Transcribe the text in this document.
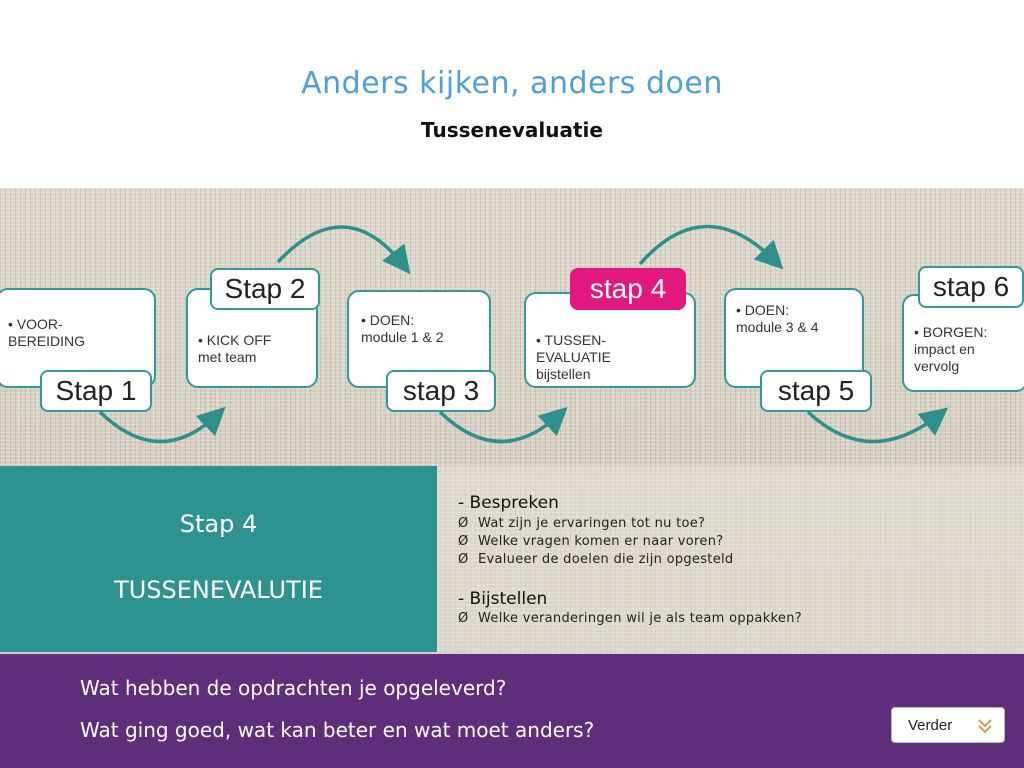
Anders kijken, anders doen
Tussenevaluatie
• VOOR-
BEREIDING	• KICK OFF
met team
• DOEN:
module 1 & 2	• TUSSEN-
EVALUATIE
bijstellen
• DOEN:
module 3 & 4	• BORGEN:
impact en
vervolg
Stap 1
Stap 2
stap 3
stap 4
stap 5
stap 6
Stap 4
TUSSENEVALUTIE
- Bespreken
Ø Wat zijn je ervaringen tot nu toe?
Ø Welke vragen komen er naar voren?
Ø Evalueer de doelen die zijn opgesteld
- Bijstellen
Ø Welke veranderingen wil je als team oppakken?
Wat hebben de opdrachten je opgeleverd?
Wat ging goed, wat kan beter en wat moet anders?	Verder
